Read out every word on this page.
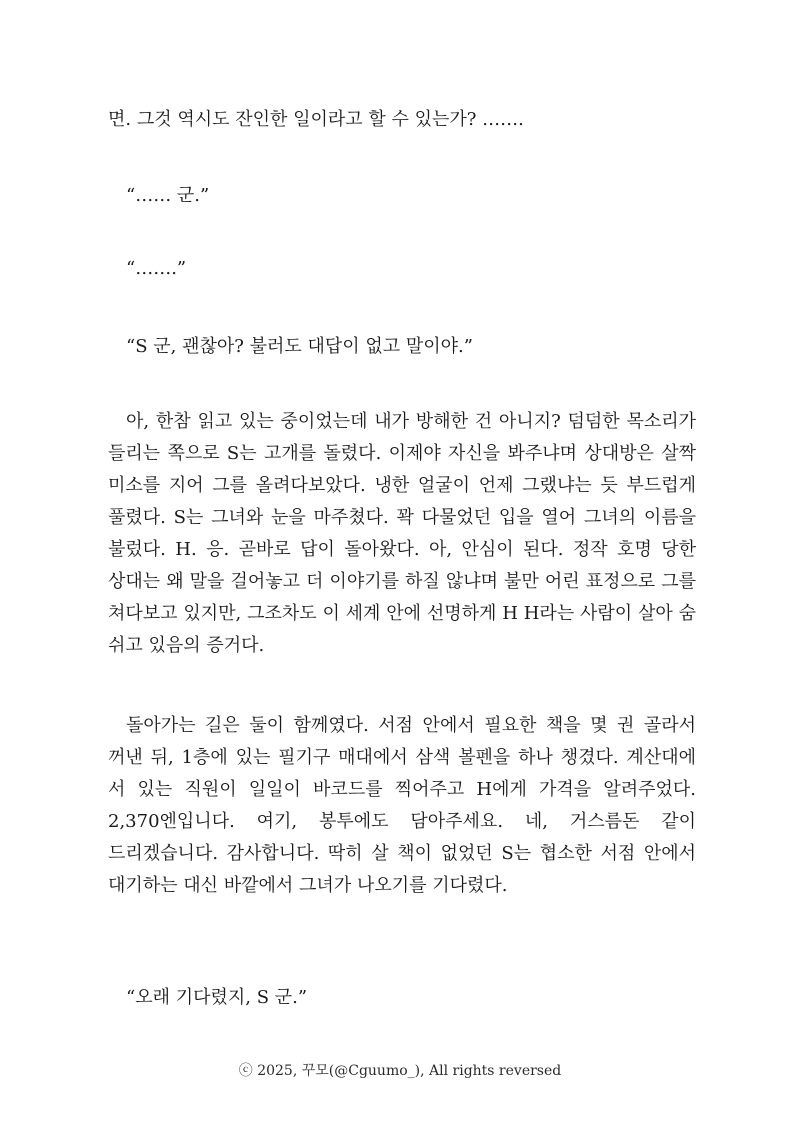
면. 그것 역시도 잔인한 일이라고 할 수 있는가? …….

“…… 군.”

“…….”

“S 군, 괜찮아? 불러도 대답이 없고 말이야.”

아, 한참 읽고 있는 중이었는데 내가 방해한 건 아니지? 덤덤한 목소리가 들리는 쪽으로 S는 고개를 돌렸다. 이제야 자신을 봐주냐며 상대방은 살짝 미소를 지어 그를 올려다보았다. 냉한 얼굴이 언제 그랬냐는 듯 부드럽게 풀렸다. S는 그녀와 눈을 마주쳤다. 꽉 다물었던 입을 열어 그녀의 이름을 불렀다. H. 응. 곧바로 답이 돌아왔다. 아, 안심이 된다. 정작 호명 당한 상대는 왜 말을 걸어놓고 더 이야기를 하질 않냐며 불만 어린 표정으로 그를 쳐다보고 있지만, 그조차도 이 세계 안에 선명하게 H H라는 사람이 살아 숨 쉬고 있음의 증거다.

돌아가는 길은 둘이 함께였다. 서점 안에서 필요한 책을 몇 권 골라서 꺼낸 뒤, 1층에 있는 필기구 매대에서 삼색 볼펜을 하나 챙겼다. 계산대에 서 있는 직원이 일일이 바코드를 찍어주고 H에게 가격을 알려주었다. 2,370엔입니다. 여기, 봉투에도 담아주세요. 네, 거스름돈 같이 드리겠습니다. 감사합니다. 딱히 살 책이 없었던 S는 협소한 서점 안에서 대기하는 대신 바깥에서 그녀가 나오기를 기다렸다.

“오래 기다렸지, S 군.”

ⓒ 2025, 꾸모(@Cguumo_), All rights reversed
